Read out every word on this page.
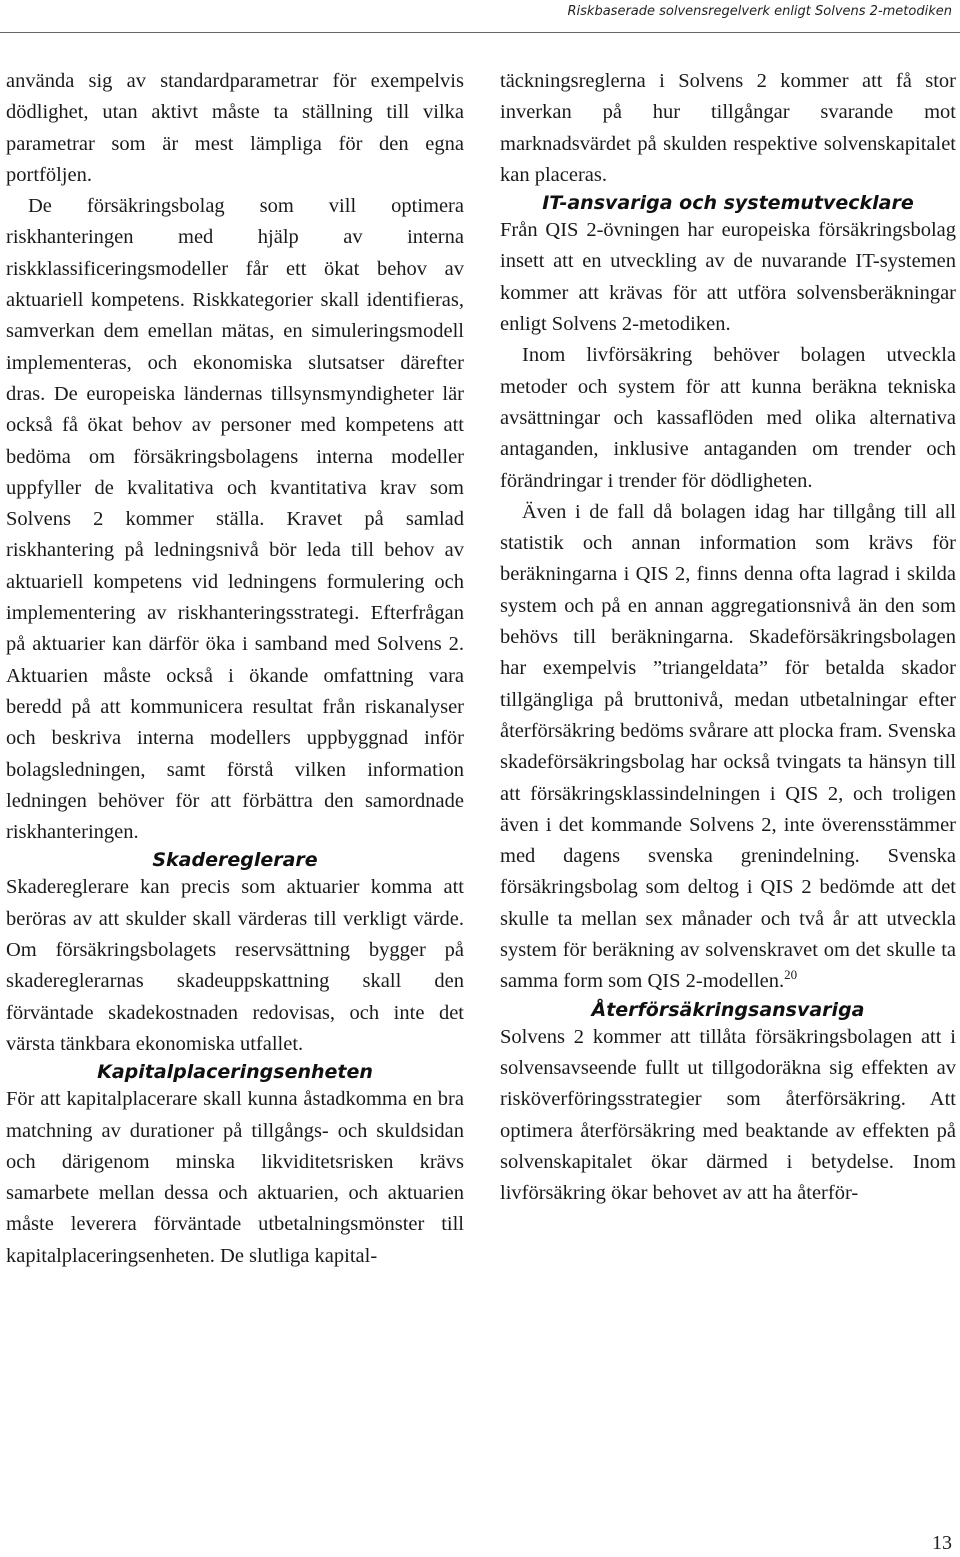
Riskbaserade solvensregelverk enligt Solvens 2-metodiken

använda sig av standardparametrar för exempelvis dödlighet, utan aktivt måste ta ställning till vilka parametrar som är mest lämpliga för den egna portföljen.

De försäkringsbolag som vill optimera riskhanteringen med hjälp av interna riskklassificeringsmodeller får ett ökat behov av aktuariell kompetens. Riskkategorier skall identifieras, samverkan dem emellan mätas, en simuleringsmodell implementeras, och ekonomiska slutsatser därefter dras. De europeiska ländernas tillsynsmyndigheter lär också få ökat behov av personer med kompetens att bedöma om försäkringsbolagens interna modeller uppfyller de kvalitativa och kvantitativa krav som Solvens 2 kommer ställa. Kravet på samlad riskhantering på ledningsnivå bör leda till behov av aktuariell kompetens vid ledningens formulering och implementering av riskhanteringsstrategi. Efterfrågan på aktuarier kan därför öka i samband med Solvens 2. Aktuarien måste också i ökande omfattning vara beredd på att kommunicera resultat från riskanalyser och beskriva interna modellers uppbyggnad inför bolagsledningen, samt förstå vilken information ledningen behöver för att förbättra den samordnade riskhanteringen.

Skadereglerare

Skadereglerare kan precis som aktuarier komma att beröras av att skulder skall värderas till verkligt värde. Om försäkringsbolagets reservsättning bygger på skadereglerarnas skadeuppskattning skall den förväntade skadekostnaden redovisas, och inte det värsta tänkbara ekonomiska utfallet.

Kapitalplaceringsenheten

För att kapitalplacerare skall kunna åstadkomma en bra matchning av durationer på tillgångs- och skuldsidan och därigenom minska likviditetsrisken krävs samarbete mellan dessa och aktuarien, och aktuarien måste leverera förväntade utbetalningsmönster till kapitalplaceringsenheten. De slutliga kapital-

täckningsreglerna i Solvens 2 kommer att få stor inverkan på hur tillgångar svarande mot marknadsvärdet på skulden respektive solvenskapitalet kan placeras.

IT-ansvariga och systemutvecklare

Från QIS 2-övningen har europeiska försäkringsbolag insett att en utveckling av de nuvarande IT-systemen kommer att krävas för att utföra solvensberäkningar enligt Solvens 2-metodiken.

Inom livförsäkring behöver bolagen utveckla metoder och system för att kunna beräkna tekniska avsättningar och kassaflöden med olika alternativa antaganden, inklusive antaganden om trender och förändringar i trender för dödligheten.

Även i de fall då bolagen idag har tillgång till all statistik och annan information som krävs för beräkningarna i QIS 2, finns denna ofta lagrad i skilda system och på en annan aggregationsnivå än den som behövs till beräkningarna. Skadeförsäkringsbolagen har exempelvis ”triangeldata” för betalda skador tillgängliga på bruttonivå, medan utbetalningar efter återförsäkring bedöms svårare att plocka fram. Svenska skadeförsäkringsbolag har också tvingats ta hänsyn till att försäkringsklassindelningen i QIS 2, och troligen även i det kommande Solvens 2, inte överensstämmer med dagens svenska grenindelning. Svenska försäkringsbolag som deltog i QIS 2 bedömde att det skulle ta mellan sex månader och två år att utveckla system för beräkning av solvenskravet om det skulle ta samma form som QIS 2-modellen.$^{20}$

Återförsäkringsansvariga

Solvens 2 kommer att tillåta försäkringsbolagen att i solvensavseende fullt ut tillgodoräkna sig effekten av risköverföringsstrategier som återförsäkring. Att optimera återförsäkring med beaktande av effekten på solvenskapitalet ökar därmed i betydelse. Inom livförsäkring ökar behovet av att ha återför-

13
